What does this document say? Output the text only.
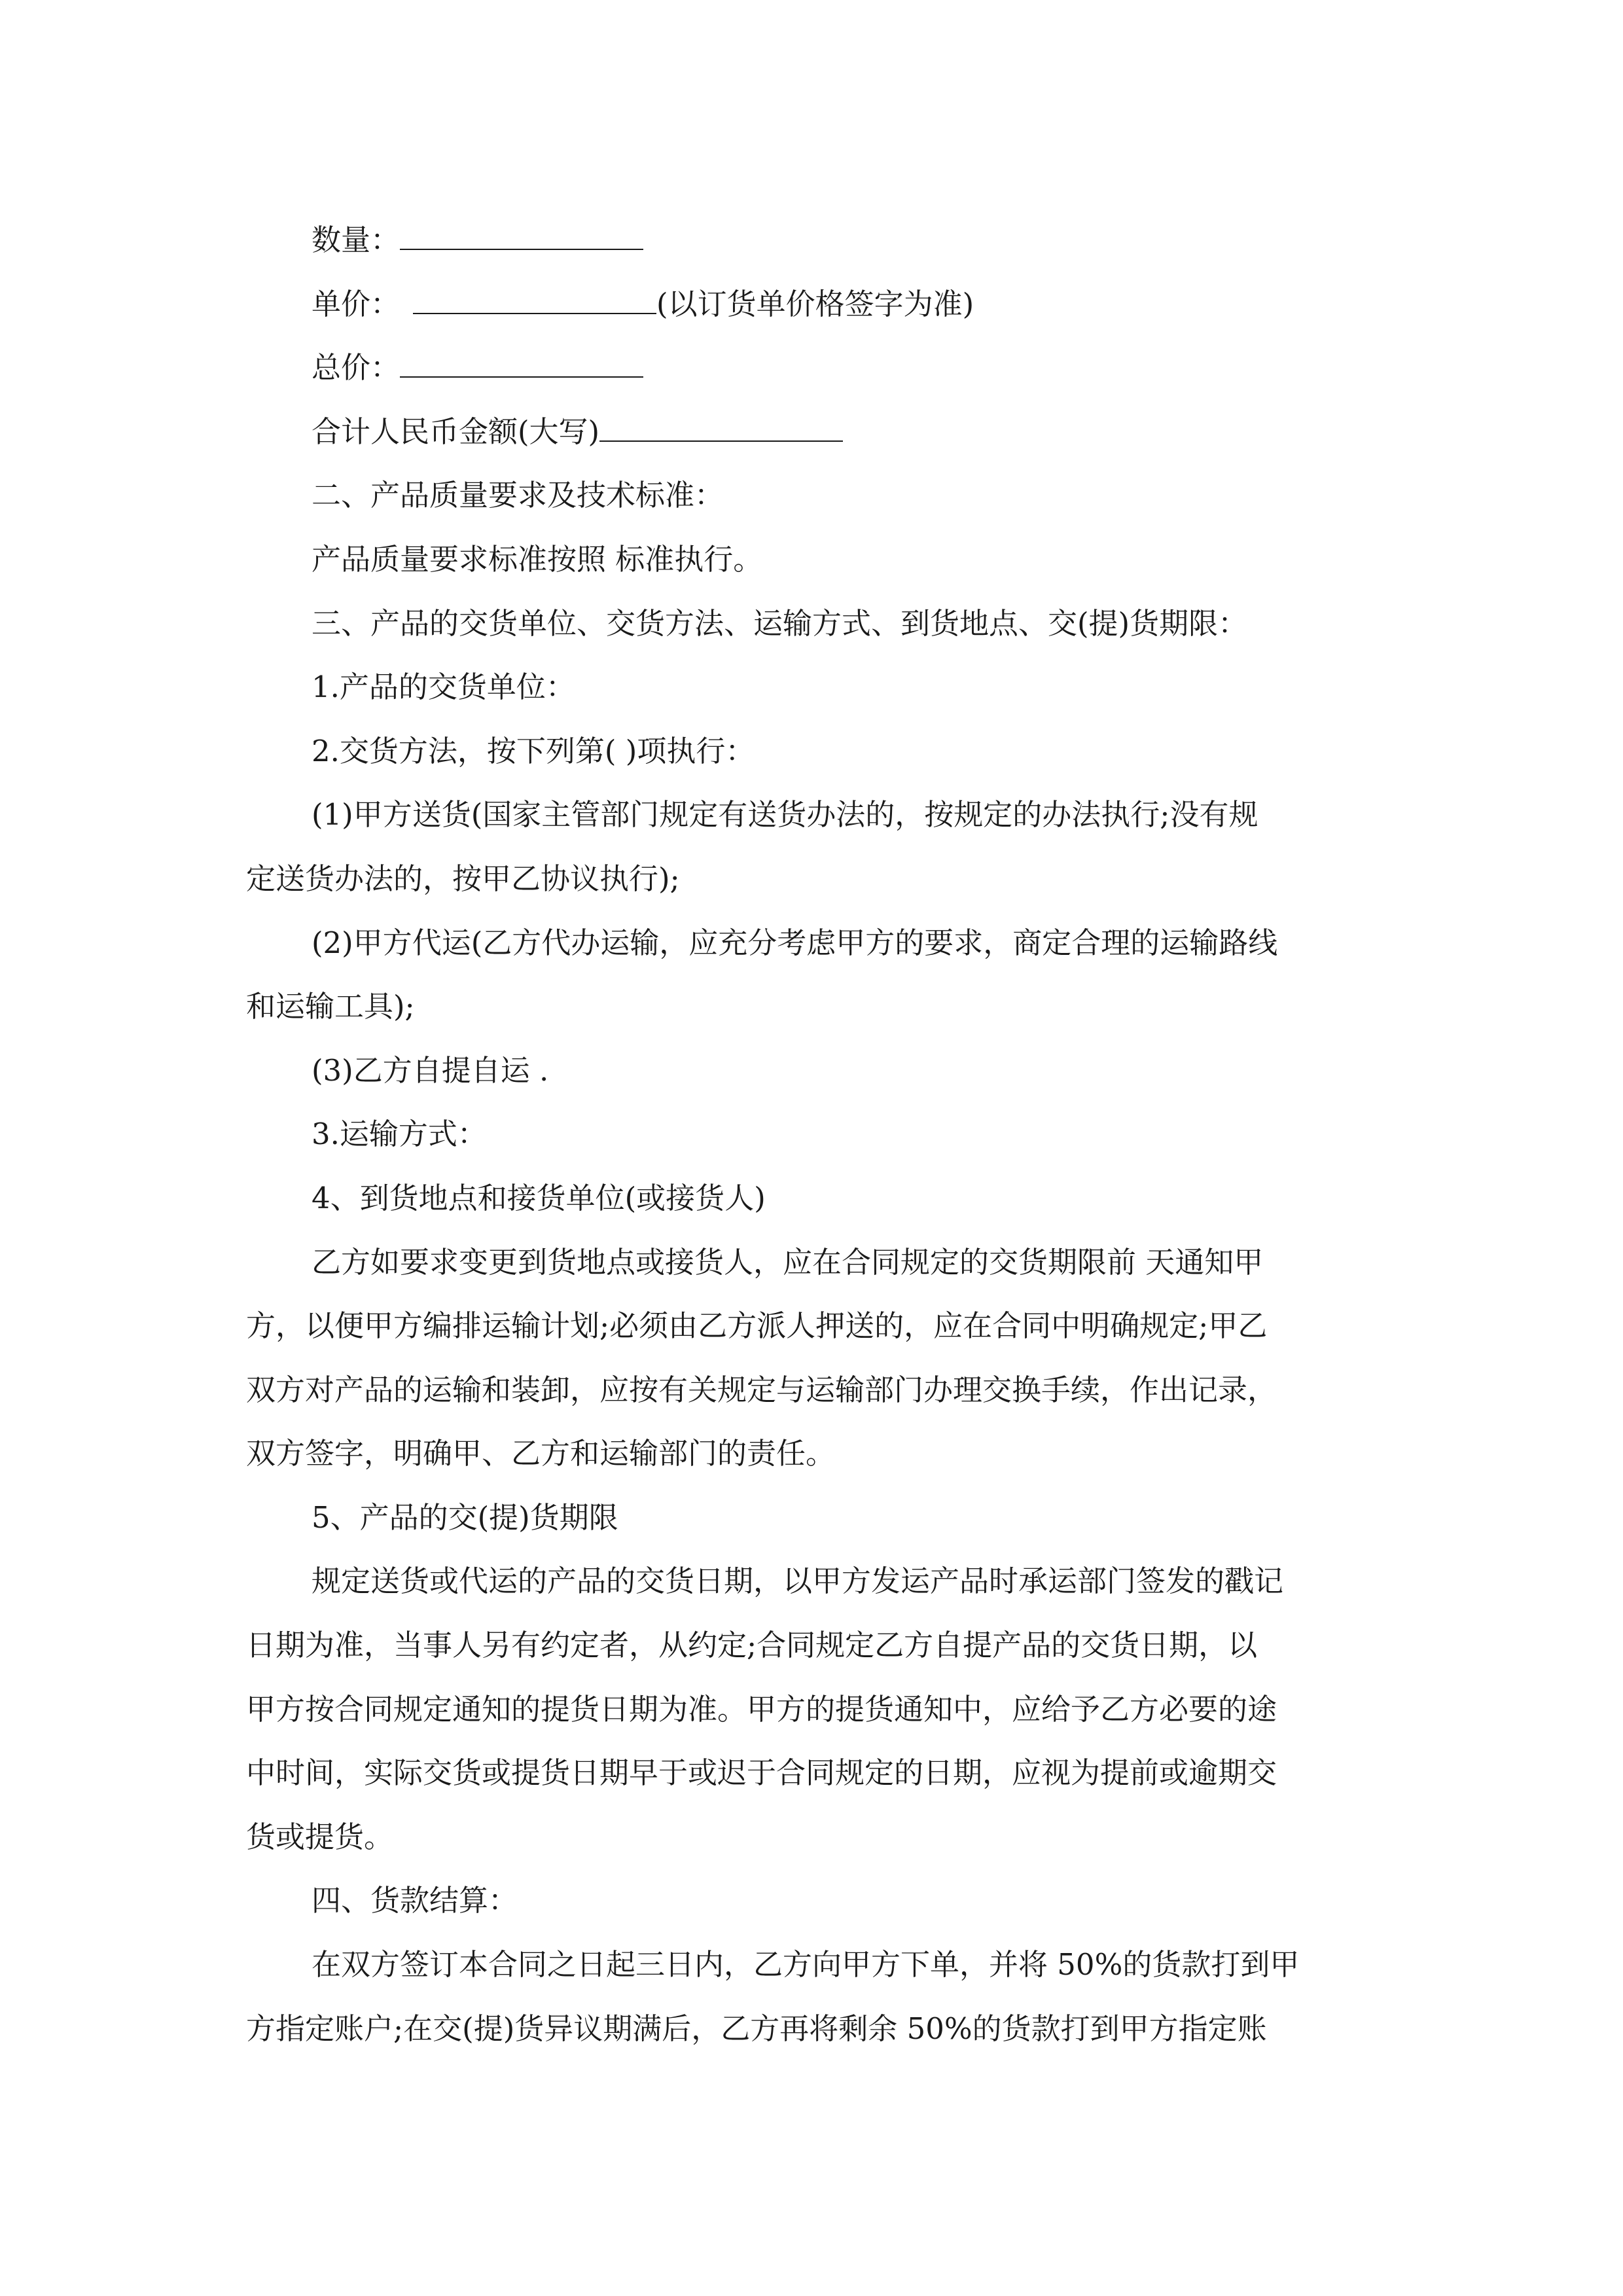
数量：
单价：	(以订货单价格签字为准)
总价：
合计人民币金额(大写)
二、产品质量要求及技术标准：
产品质量要求标准按照 标准执行。
三、产品的交货单位、交货方法、运输方式、到货地点、交(提)货期限：
1.产品的交货单位：
2.交货方法，按下列第( )项执行：
(1)甲方送货(国家主管部门规定有送货办法的，按规定的办法执行;没有规
定送货办法的，按甲乙协议执行);
(2)甲方代运(乙方代办运输，应充分考虑甲方的要求，商定合理的运输路线
和运输工具);
(3)乙方自提自运 .
3.运输方式：
4、到货地点和接货单位(或接货人)
乙方如要求变更到货地点或接货人，应在合同规定的交货期限前 天通知甲
方，以便甲方编排运输计划;必须由乙方派人押送的，应在合同中明确规定;甲乙
双方对产品的运输和装卸，应按有关规定与运输部门办理交换手续，作出记录，
双方签字，明确甲、乙方和运输部门的责任。
5、产品的交(提)货期限
规定送货或代运的产品的交货日期，以甲方发运产品时承运部门签发的戳记
日期为准，当事人另有约定者，从约定;合同规定乙方自提产品的交货日期，以
甲方按合同规定通知的提货日期为准。甲方的提货通知中，应给予乙方必要的途
中时间，实际交货或提货日期早于或迟于合同规定的日期，应视为提前或逾期交
货或提货。
四、货款结算：
在双方签订本合同之日起三日内，乙方向甲方下单，并将 50%的货款打到甲
方指定账户;在交(提)货异议期满后，乙方再将剩余 50%的货款打到甲方指定账
